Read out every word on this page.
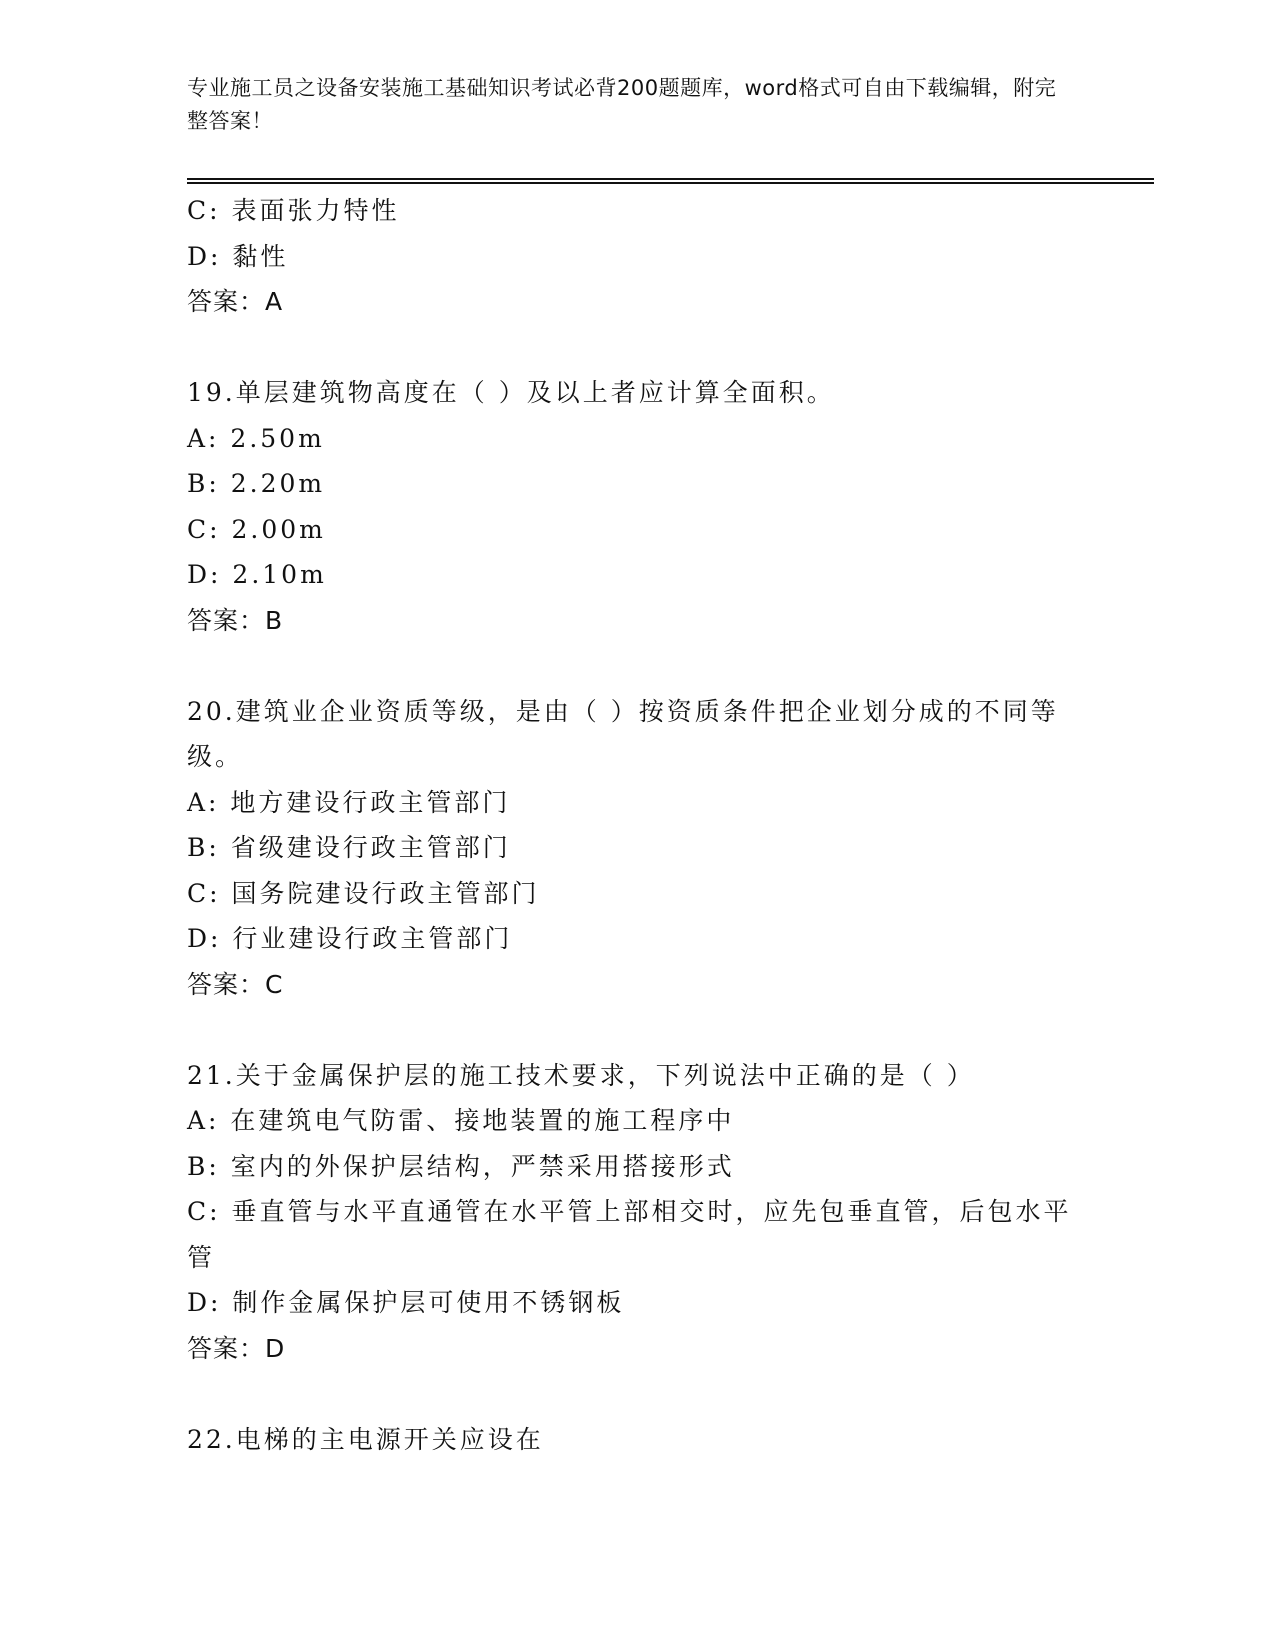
专业施工员之设备安装施工基础知识考试必背200题题库，word格式可自由下载编辑，附完整答案！
C: 表面张力特性
D: 黏性
答案：A
19.单层建筑物高度在（ ）及以上者应计算全面积。
A: 2.50m
B: 2.20m
C: 2.00m
D: 2.10m
答案：B
20.建筑业企业资质等级，是由（ ）按资质条件把企业划分成的不同等级。
A: 地方建设行政主管部门
B: 省级建设行政主管部门
C: 国务院建设行政主管部门
D: 行业建设行政主管部门
答案：C
21.关于金属保护层的施工技术要求，下列说法中正确的是（ ）
A: 在建筑电气防雷、接地装置的施工程序中
B: 室内的外保护层结构，严禁采用搭接形式
C: 垂直管与水平直通管在水平管上部相交时，应先包垂直管，后包水平管
D: 制作金属保护层可使用不锈钢板
答案：D
22.电梯的主电源开关应设在
